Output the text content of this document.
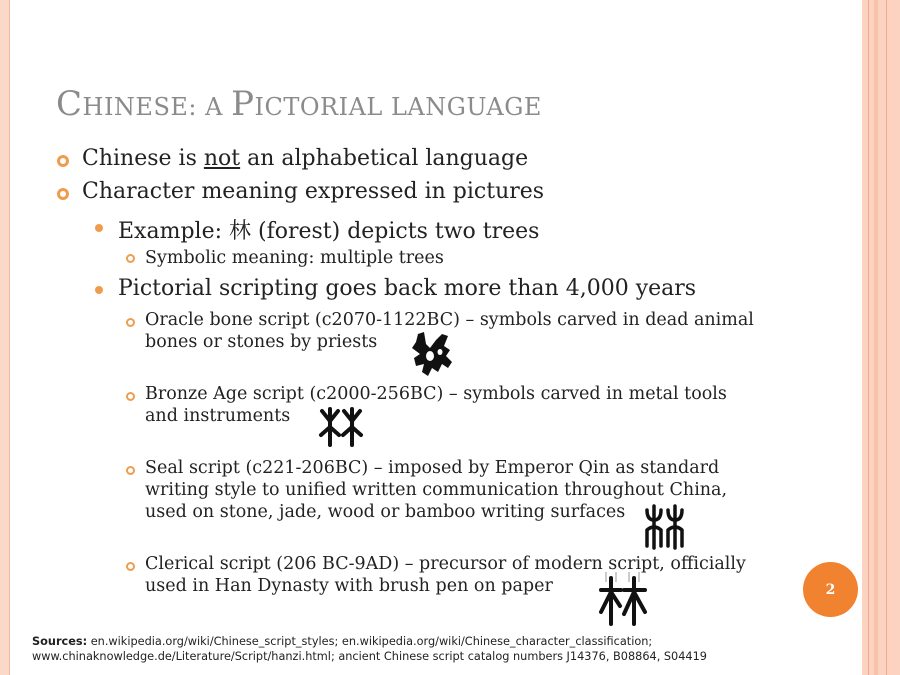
CHINESE: A PICTORIAL LANGUAGE
Chinese is not an alphabetical language
Character meaning expressed in pictures
Example: 林 (forest) depicts two trees
Symbolic meaning: multiple trees
Pictorial scripting goes back more than 4,000 years
Oracle bone script (c2070-1122BC) – symbols carved in dead animal
bones or stones by priests
Bronze Age script (c2000-256BC) – symbols carved in metal tools
and instruments
Seal script (c221-206BC) – imposed by Emperor Qin as standard
writing style to unified written communication throughout China,
used on stone, jade, wood or bamboo writing surfaces
Clerical script (206 BC-9AD) – precursor of modern script, officially
used in Han Dynasty with brush pen on paper	2
Sources: en.wikipedia.org/wiki/Chinese_script_styles; en.wikipedia.org/wiki/Chinese_character_classification;
www.chinaknowledge.de/Literature/Script/hanzi.html; ancient Chinese script catalog numbers J14376, B08864, S04419
